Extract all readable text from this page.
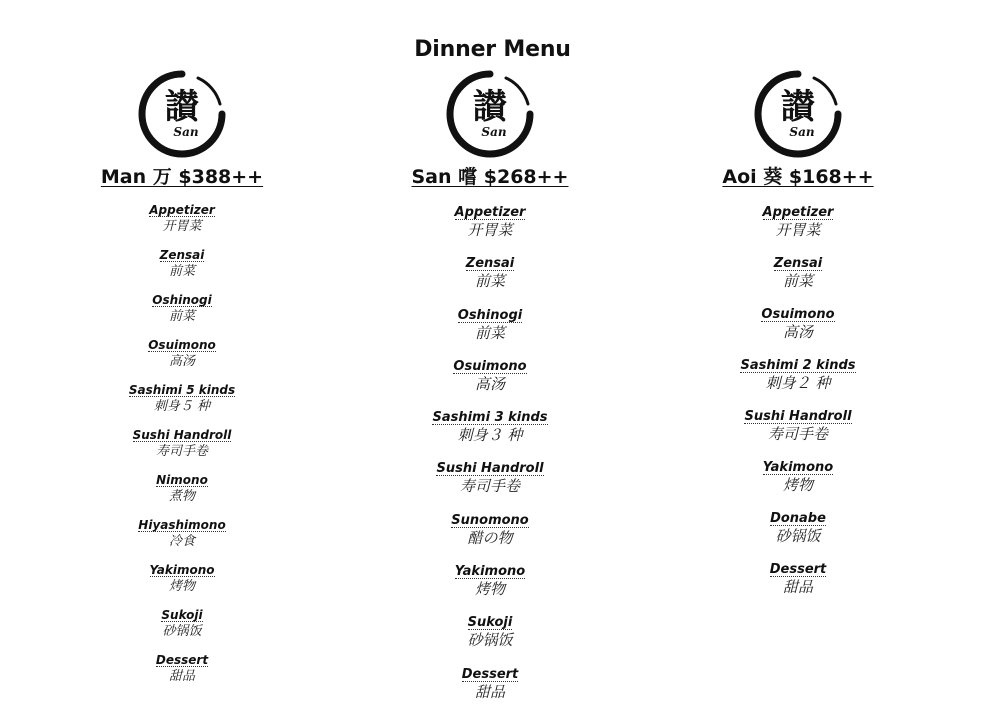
Dinner Menu
讃
San
Man 万 $388++
Appetizer
开胃菜
Zensai
前菜
Oshinogi
前菜
Osuimono
高汤
Sashimi 5 kinds
刺身５ 种
Sushi Handroll
寿司手卷
Nimono
煮物
Hiyashimono
冷食
Yakimono
烤物
Sukoji
砂锅饭
Dessert
甜品
讃
San
San 嚐 $268++
Appetizer
开胃菜
Zensai
前菜
Oshinogi
前菜
Osuimono
高汤
Sashimi 3 kinds
刺身３ 种
Sushi Handroll
寿司手卷
Sunomono
醋の物
Yakimono
烤物
Sukoji
砂锅饭
Dessert
甜品
讃
San
Aoi 葵 $168++
Appetizer
开胃菜
Zensai
前菜
Osuimono
高汤
Sashimi 2 kinds
刺身２ 种
Sushi Handroll
寿司手卷
Yakimono
烤物
Donabe
砂锅饭
Dessert
甜品
